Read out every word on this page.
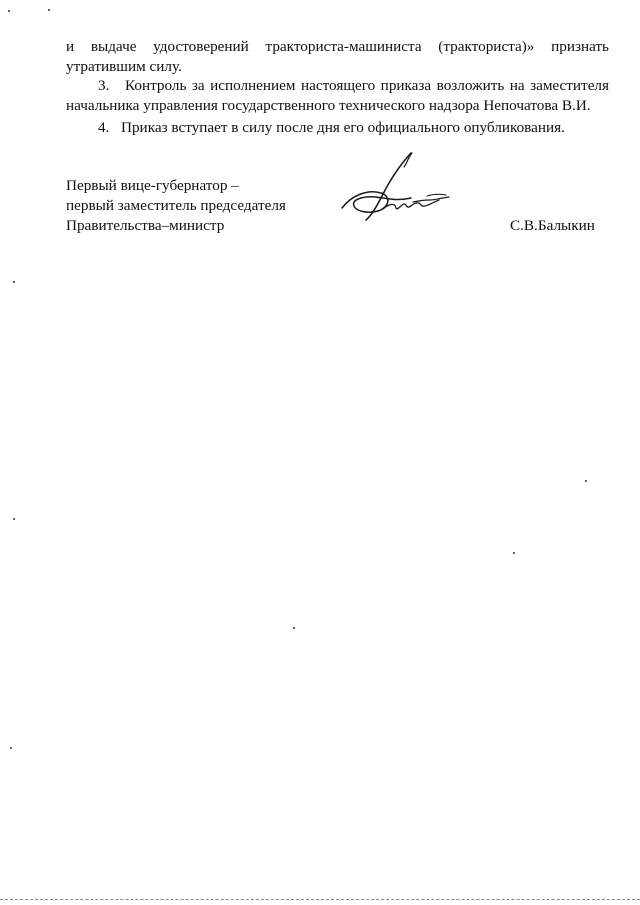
и выдаче удостоверений тракториста-машиниста (тракториста)» признать
утратившим силу.
3. Контроль за исполнением настоящего приказа возложить на заместителя
начальника управления государственного технического надзора Непочатова В.И.
4. Приказ вступает в силу после дня его официального опубликования.
Первый вице-губернатор –
первый заместитель председателя
Правительства–министр	С.В.Балыкин
